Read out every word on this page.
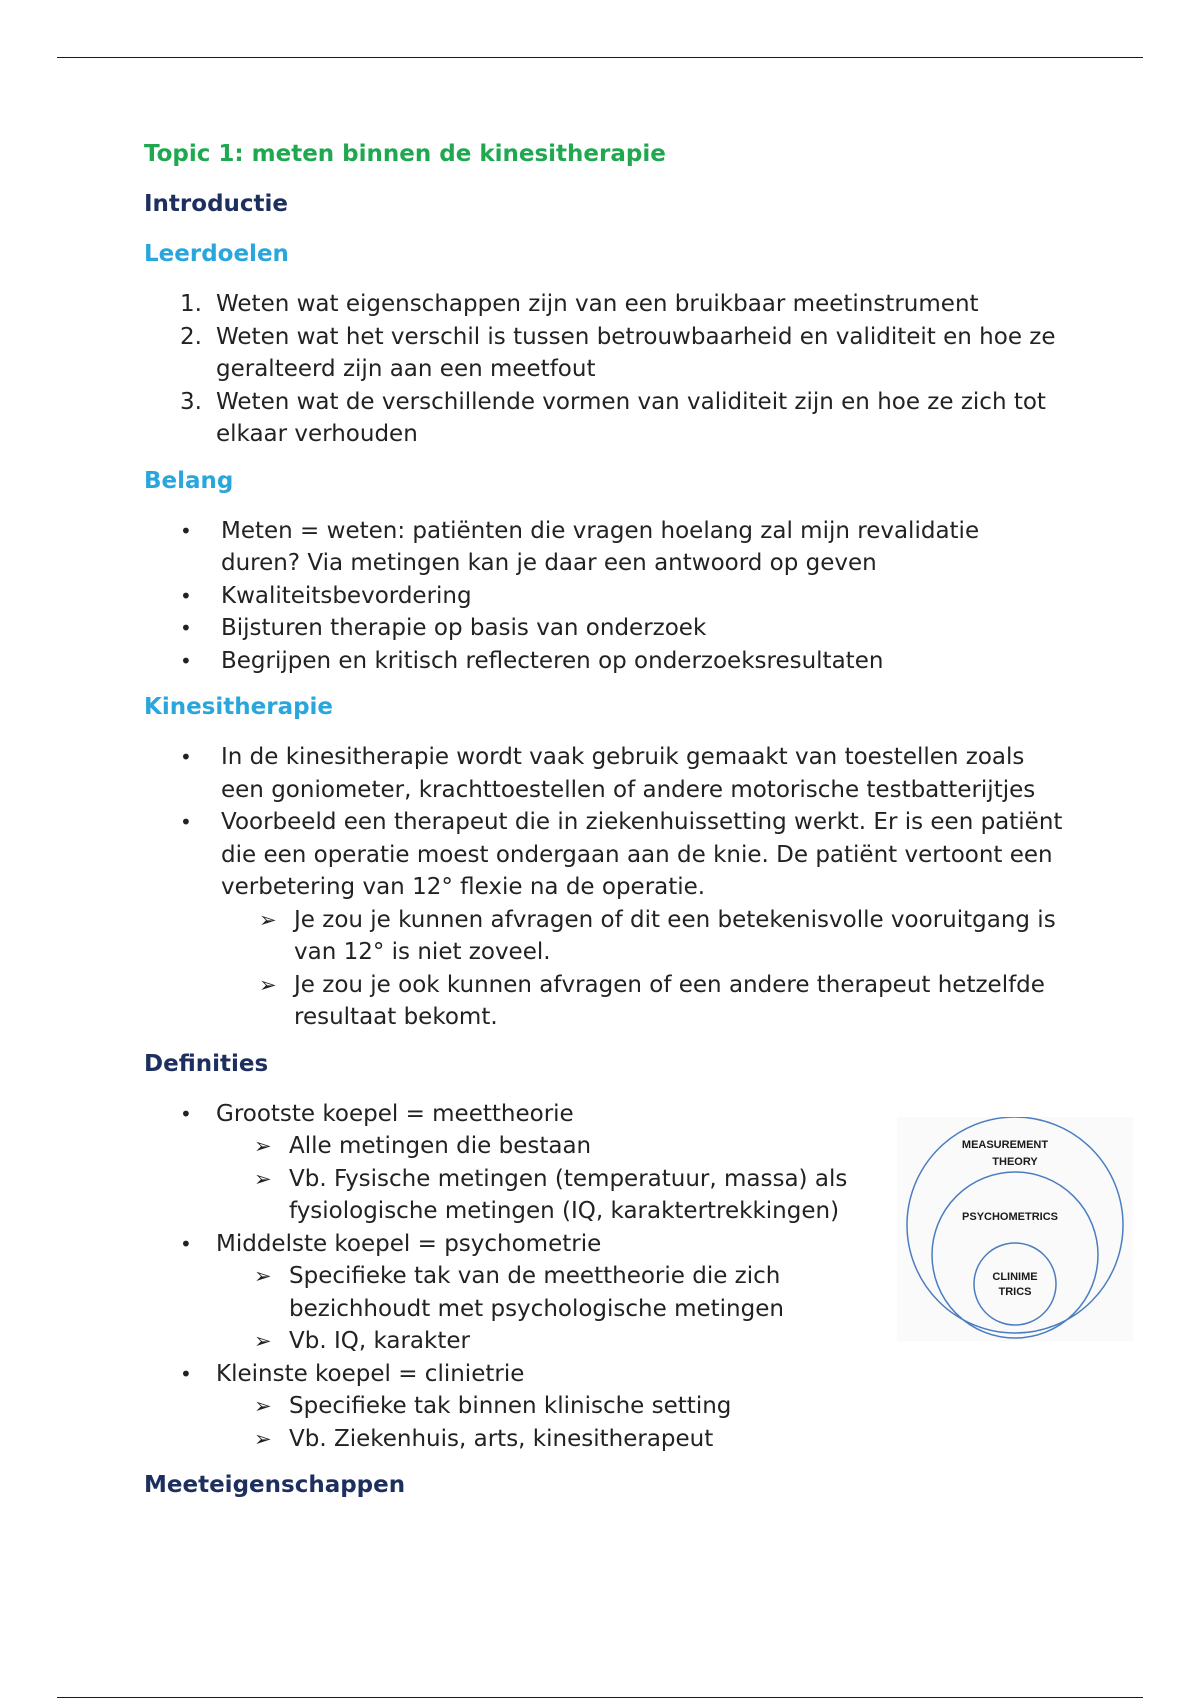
Topic 1: meten binnen de kinesitherapie
Introductie
Leerdoelen
1. Weten wat eigenschappen zijn van een bruikbaar meetinstrument
2. Weten wat het verschil is tussen betrouwbaarheid en validiteit en hoe ze geralteerd zijn aan een meetfout
3. Weten wat de verschillende vormen van validiteit zijn en hoe ze zich tot elkaar verhouden
Belang
• Meten = weten: patiënten die vragen hoelang zal mijn revalidatie duren? Via metingen kan je daar een antwoord op geven
• Kwaliteitsbevordering
• Bijsturen therapie op basis van onderzoek
• Begrijpen en kritisch reflecteren op onderzoeksresultaten
Kinesitherapie
• In de kinesitherapie wordt vaak gebruik gemaakt van toestellen zoals een goniometer, krachttoestellen of andere motorische testbatterijtjes
• Voorbeeld een therapeut die in ziekenhuissetting werkt. Er is een patiënt die een operatie moest ondergaan aan de knie. De patiënt vertoont een verbetering van 12° flexie na de operatie.
➢ Je zou je kunnen afvragen of dit een betekenisvolle vooruitgang is van 12° is niet zoveel.
➢ Je zou je ook kunnen afvragen of een andere therapeut hetzelfde resultaat bekomt.
Definities
• Grootste koepel = meettheorie
➢ Alle metingen die bestaan
➢ Vb. Fysische metingen (temperatuur, massa) als fysiologische metingen (IQ, karaktertrekkingen)
• Middelste koepel = psychometrie
➢ Specifieke tak van de meettheorie die zich bezichhoudt met psychologische metingen
➢ Vb. IQ, karakter
• Kleinste koepel = clinietrie
➢ Specifieke tak binnen klinische setting
➢ Vb. Ziekenhuis, arts, kinesitherapeut
Meeteigenschappen
MEASUREMENT
THEORY
PSYCHOMETRICS
CLINIME
TRICS
